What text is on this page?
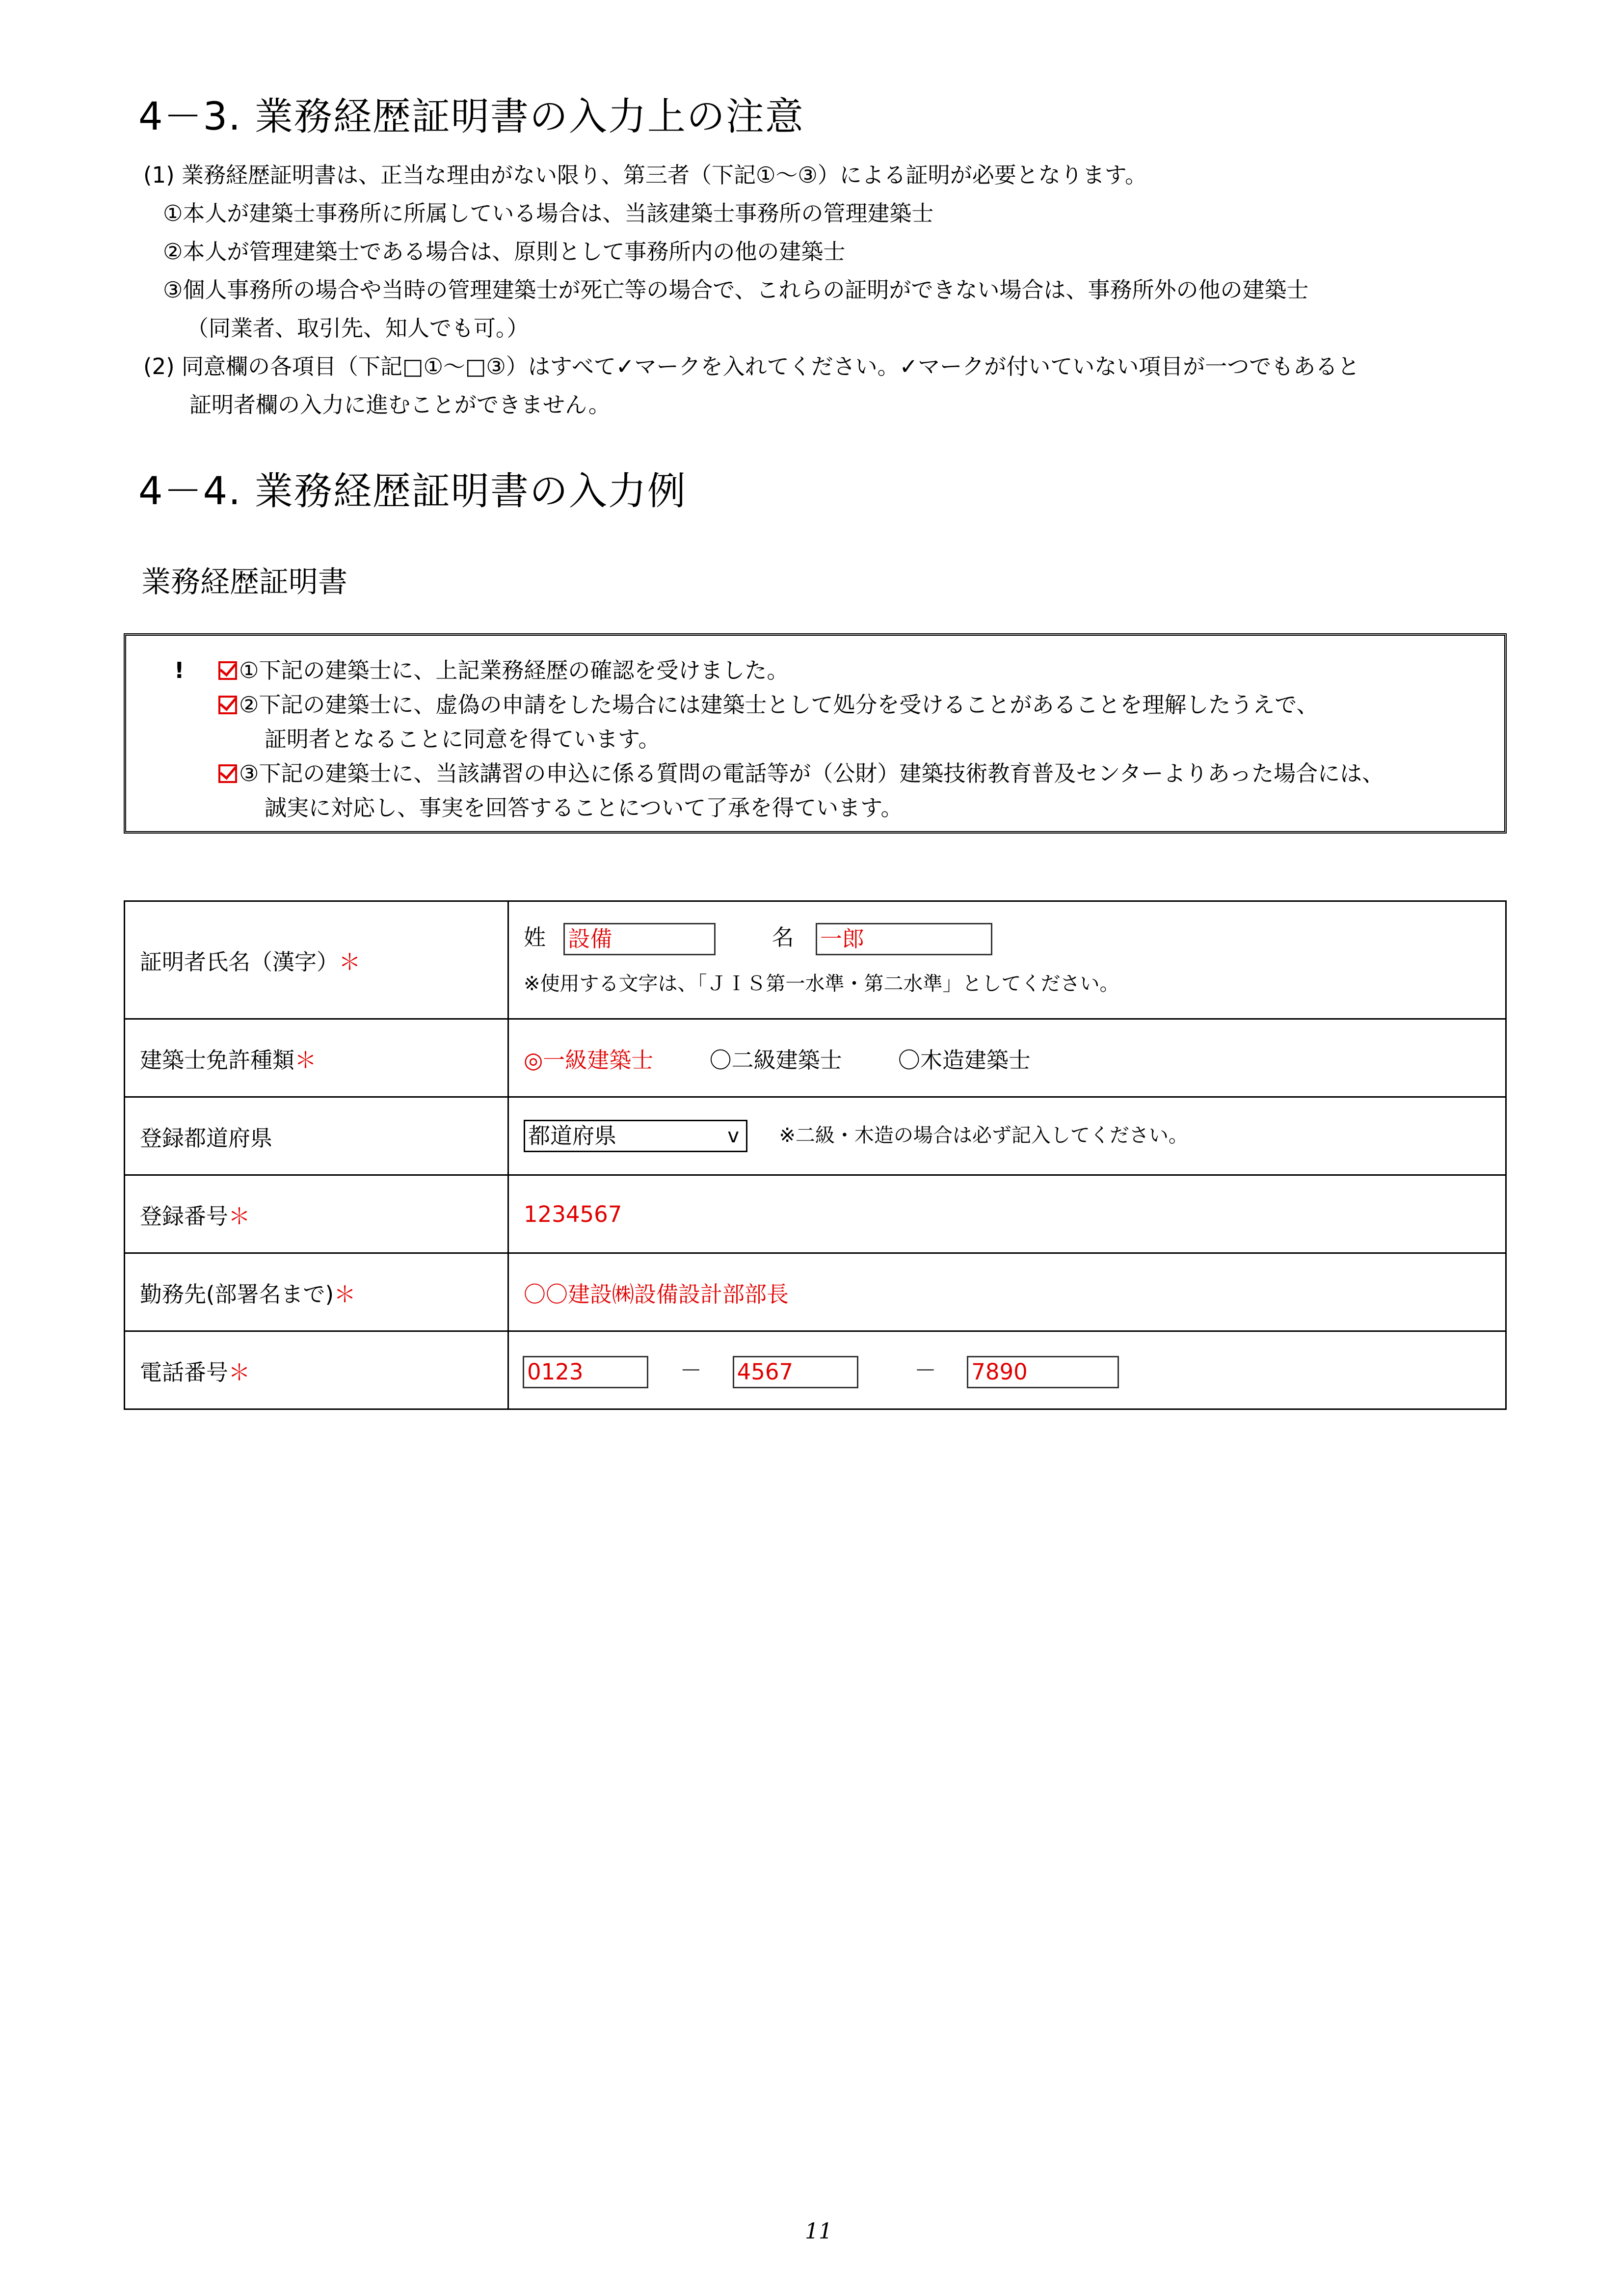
4－3. 業務経歴証明書の入力上の注意
(1) 業務経歴証明書は、正当な理由がない限り、第三者（下記①～③）による証明が必要となります。
①本人が建築士事務所に所属している場合は、当該建築士事務所の管理建築士
②本人が管理建築士である場合は、原則として事務所内の他の建築士
③個人事務所の場合や当時の管理建築士が死亡等の場合で、これらの証明ができない場合は、事務所外の他の建築士
（同業者、取引先、知人でも可。）
(2) 同意欄の各項目（下記□①～□③）はすべて✓マークを入れてください。✓マークが付いていない項目が一つでもあると
証明者欄の入力に進むことができません。
4－4. 業務経歴証明書の入力例
業務経歴証明書
!	①下記の建築士に、上記業務経歴の確認を受けました。
②下記の建築士に、虚偽の申請をした場合には建築士として処分を受けることがあることを理解したうえで、
証明者となることに同意を得ています。
③下記の建築士に、当該講習の申込に係る質問の電話等が（公財）建築技術教育普及センターよりあった場合には、
誠実に対応し、事実を回答することについて了承を得ています。
証明者氏名（漢字）＊	姓 設備 名 一郎
※使用する文字は、「ＪＩＳ第一水準・第二水準」としてください。

建築士免許種類＊	◎一級建築士 〇二級建築士 〇木造建築士
登録都道府県	都道府県 v ※二級・木造の場合は必ず記入してください。
登録番号＊	1234567
勤務先(部署名まで)＊	〇〇建設㈱設備設計部部長
電話番号＊	0123 － 4567 － 7890
11
